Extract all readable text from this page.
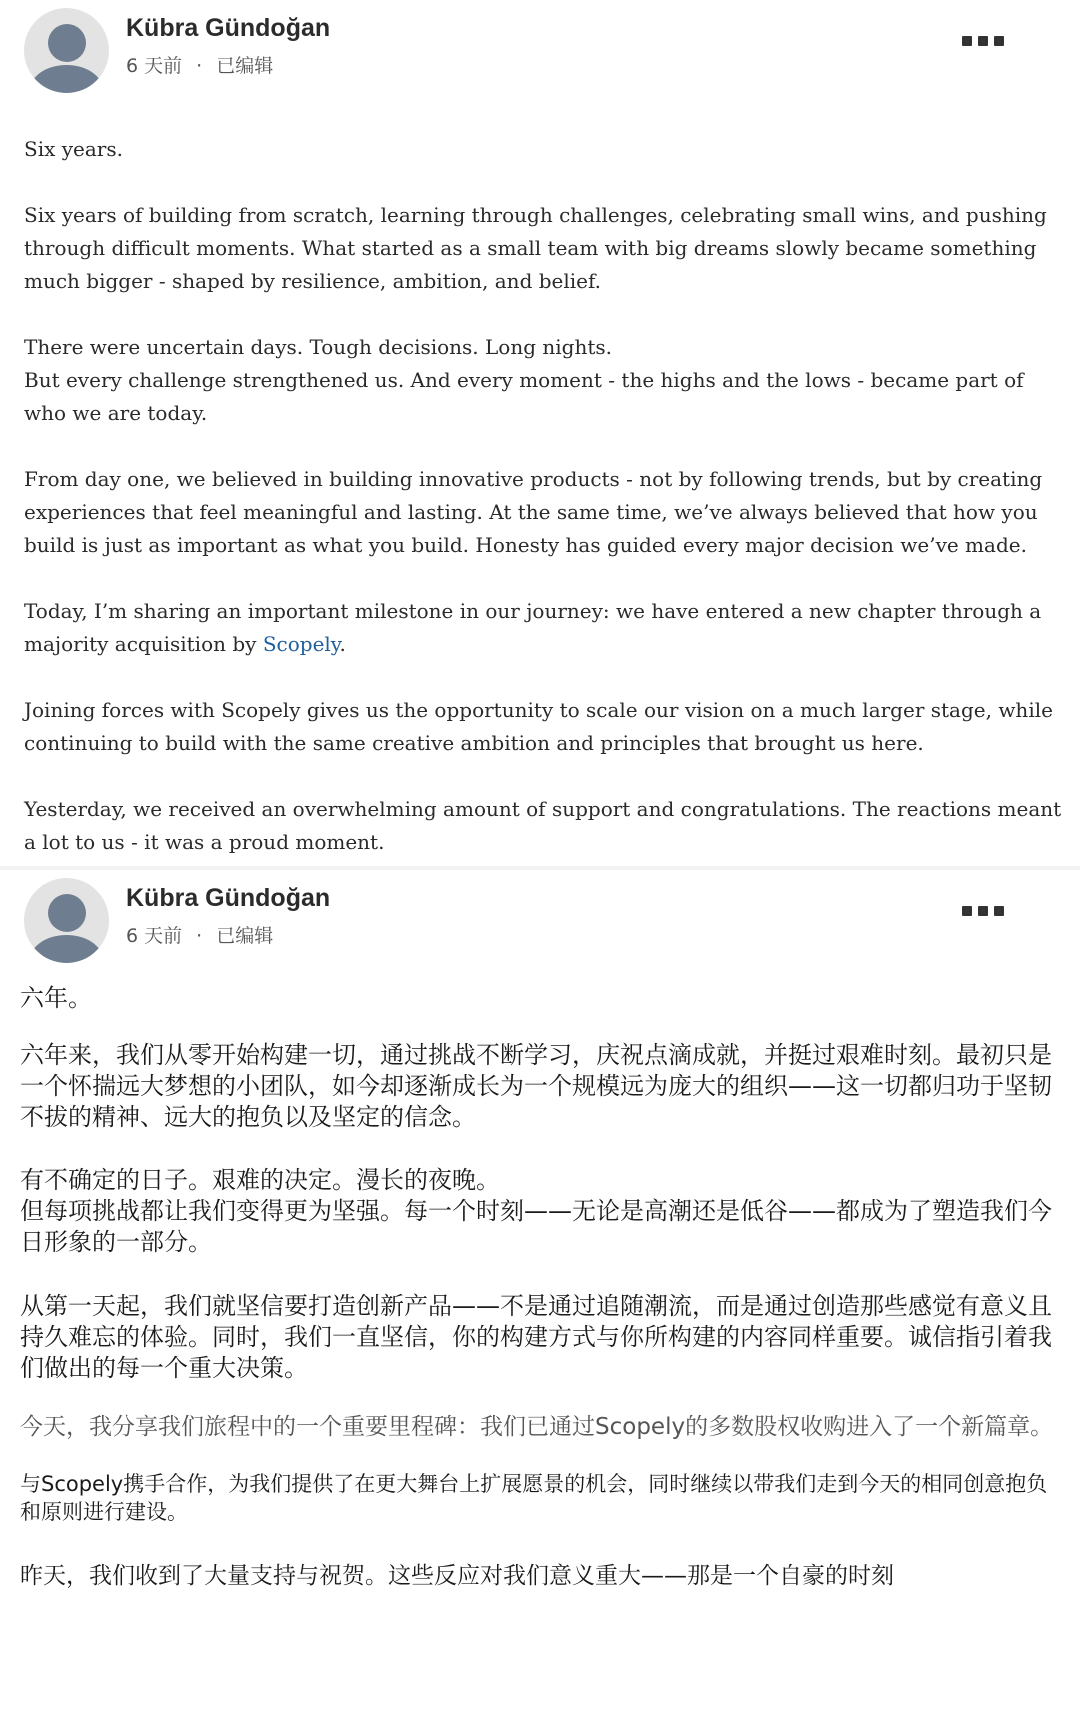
Kübra Gündoğan
6 天前 · 已编辑

Six years.

Six years of building from scratch, learning through challenges, celebrating small wins, and pushing through difficult moments. What started as a small team with big dreams slowly became something much bigger - shaped by resilience, ambition, and belief.

There were uncertain days. Tough decisions. Long nights.
But every challenge strengthened us. And every moment - the highs and the lows - became part of who we are today.

From day one, we believed in building innovative products - not by following trends, but by creating experiences that feel meaningful and lasting. At the same time, we’ve always believed that how you build is just as important as what you build. Honesty has guided every major decision we’ve made.

Today, I’m sharing an important milestone in our journey: we have entered a new chapter through a majority acquisition by Scopely.

Joining forces with Scopely gives us the opportunity to scale our vision on a much larger stage, while continuing to build with the same creative ambition and principles that brought us here.

Yesterday, we received an overwhelming amount of support and congratulations. The reactions meant a lot to us - it was a proud moment.

Kübra Gündoğan
6 天前 · 已编辑

六年。

六年来，我们从零开始构建一切，通过挑战不断学习，庆祝点滴成就，并挺过艰难时刻。最初只是一个怀揣远大梦想的小团队，如今却逐渐成长为一个规模远为庞大的组织——这一切都归功于坚韧不拔的精神、远大的抱负以及坚定的信念。

有不确定的日子。艰难的决定。漫长的夜晚。

但每项挑战都让我们变得更为坚强。每一个时刻——无论是高潮还是低谷——都成为了塑造我们今日形象的一部分。

从第一天起，我们就坚信要打造创新产品——不是通过追随潮流，而是通过创造那些感觉有意义且持久难忘的体验。同时，我们一直坚信，你的构建方式与你所构建的内容同样重要。诚信指引着我们做出的每一个重大决策。

今天，我分享我们旅程中的一个重要里程碑：我们已通过Scopely的多数股权收购进入了一个新篇章。

与Scopely携手合作，为我们提供了在更大舞台上扩展愿景的机会，同时继续以带我们走到今天的相同创意抱负和原则进行建设。

昨天，我们收到了大量支持与祝贺。这些反应对我们意义重大——那是一个自豪的时刻
